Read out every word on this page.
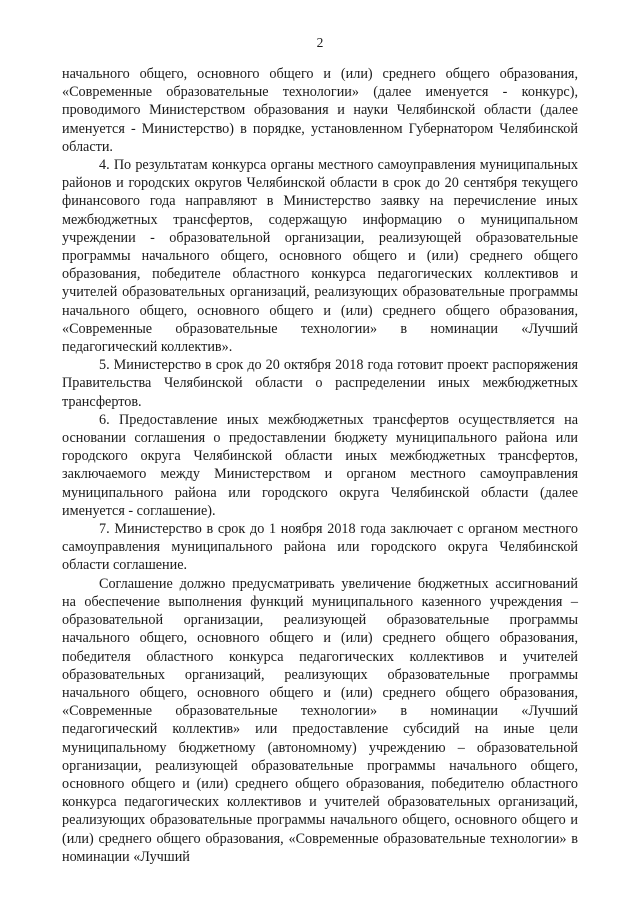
2

начального общего, основного общего и (или) среднего общего образования, «Современные образовательные технологии» (далее именуется - конкурс), проводимого Министерством образования и науки Челябинской области (далее именуется - Министерство) в порядке, установленном Губернатором Челябинской области.

4. По результатам конкурса органы местного самоуправления муниципальных районов и городских округов Челябинской области в срок до 20 сентября текущего финансового года направляют в Министерство заявку на перечисление иных межбюджетных трансфертов, содержащую информацию о муниципальном учреждении - образовательной организации, реализующей образовательные программы начального общего, основного общего и (или) среднего общего образования, победителе областного конкурса педагогических коллективов и учителей образовательных организаций, реализующих образовательные программы начального общего, основного общего и (или) среднего общего образования, «Современные образовательные технологии» в номинации «Лучший педагогический коллектив».

5. Министерство в срок до 20 октября 2018 года готовит проект распоряжения Правительства Челябинской области о распределении иных межбюджетных трансфертов.

6. Предоставление иных межбюджетных трансфертов осуществляется на основании соглашения о предоставлении бюджету муниципального района или городского округа Челябинской области иных межбюджетных трансфертов, заключаемого между Министерством и органом местного самоуправления муниципального района или городского округа Челябинской области (далее именуется - соглашение).

7. Министерство в срок до 1 ноября 2018 года заключает с органом местного самоуправления муниципального района или городского округа Челябинской области соглашение.

Соглашение должно предусматривать увеличение бюджетных ассигнований на обеспечение выполнения функций муниципального казенного учреждения – образовательной организации, реализующей образовательные программы начального общего, основного общего и (или) среднего общего образования, победителя областного конкурса педагогических коллективов и учителей образовательных организаций, реализующих образовательные программы начального общего, основного общего и (или) среднего общего образования, «Современные образовательные технологии» в номинации «Лучший педагогический коллектив» или предоставление субсидий на иные цели муниципальному бюджетному (автономному) учреждению – образовательной организации, реализующей образовательные программы начального общего, основного общего и (или) среднего общего образования, победителю областного конкурса педагогических коллективов и учителей образовательных организаций, реализующих образовательные программы начального общего, основного общего и (или) среднего общего образования, «Современные образовательные технологии» в номинации «Лучший
